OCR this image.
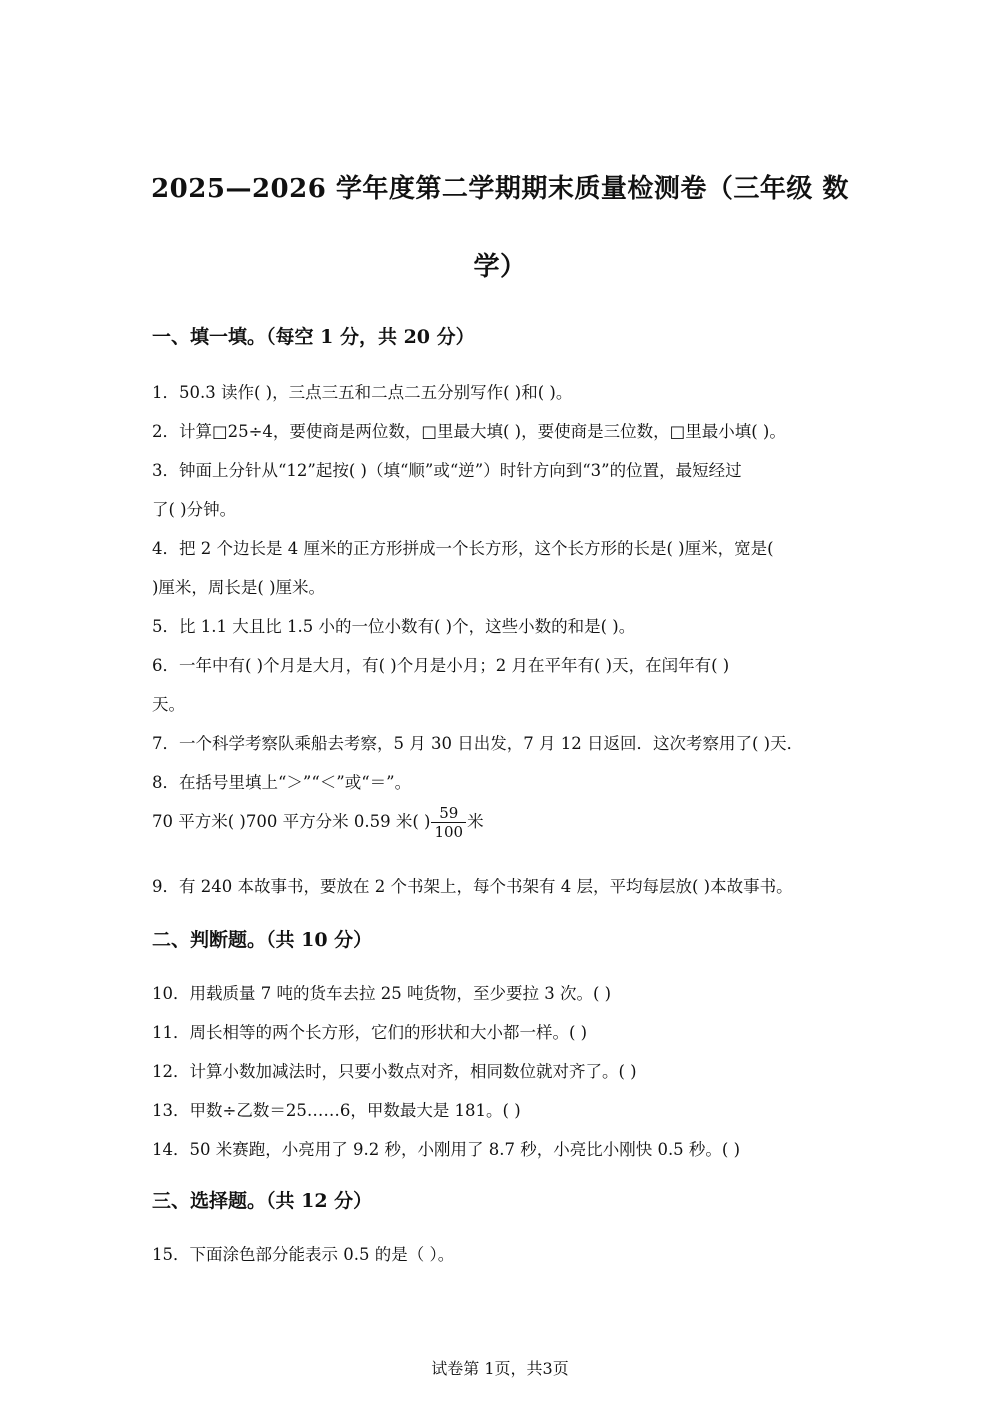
2025—2026 学年度第二学期期末质量检测卷（三年级 数
学）
一、填一填。（每空 1 分，共 20 分）
1．50.3 读作( )，三点三五和二点二五分别写作( )和( )。
2．计算□25÷4，要使商是两位数，□里最大填( )，要使商是三位数，□里最小填( )。
3．钟面上分针从“12”起按( )（填“顺”或“逆”）时针方向到“3”的位置，最短经过
了( )分钟。
4．把 2 个边长是 4 厘米的正方形拼成一个长方形，这个长方形的长是( )厘米，宽是(
)厘米，周长是( )厘米。
5．比 1.1 大且比 1.5 小的一位小数有( )个，这些小数的和是( )。
6．一年中有( )个月是大月，有( )个月是小月；2 月在平年有( )天，在闰年有( )
天。
7．一个科学考察队乘船去考察，5 月 30 日出发，7 月 12 日返回．这次考察用了( )天．
8．在括号里填上“＞”“＜”或“＝”。
70 平方米( )700 平方分米 0.59 米( ) $\frac{59}{100}$ 米
9．有 240 本故事书，要放在 2 个书架上，每个书架有 4 层，平均每层放( )本故事书。
二、判断题。（共 10 分）
10．用载质量 7 吨的货车去拉 25 吨货物，至少要拉 3 次。( )
11．周长相等的两个长方形，它们的形状和大小都一样。( )
12．计算小数加减法时，只要小数点对齐，相同数位就对齐了。( )
13．甲数÷乙数＝25……6，甲数最大是 181。( )
14．50 米赛跑，小亮用了 9.2 秒，小刚用了 8.7 秒，小亮比小刚快 0.5 秒。( )
三、选择题。（共 12 分）
15．下面涂色部分能表示 0.5 的是（ ）。
试卷第 1页，共3页
